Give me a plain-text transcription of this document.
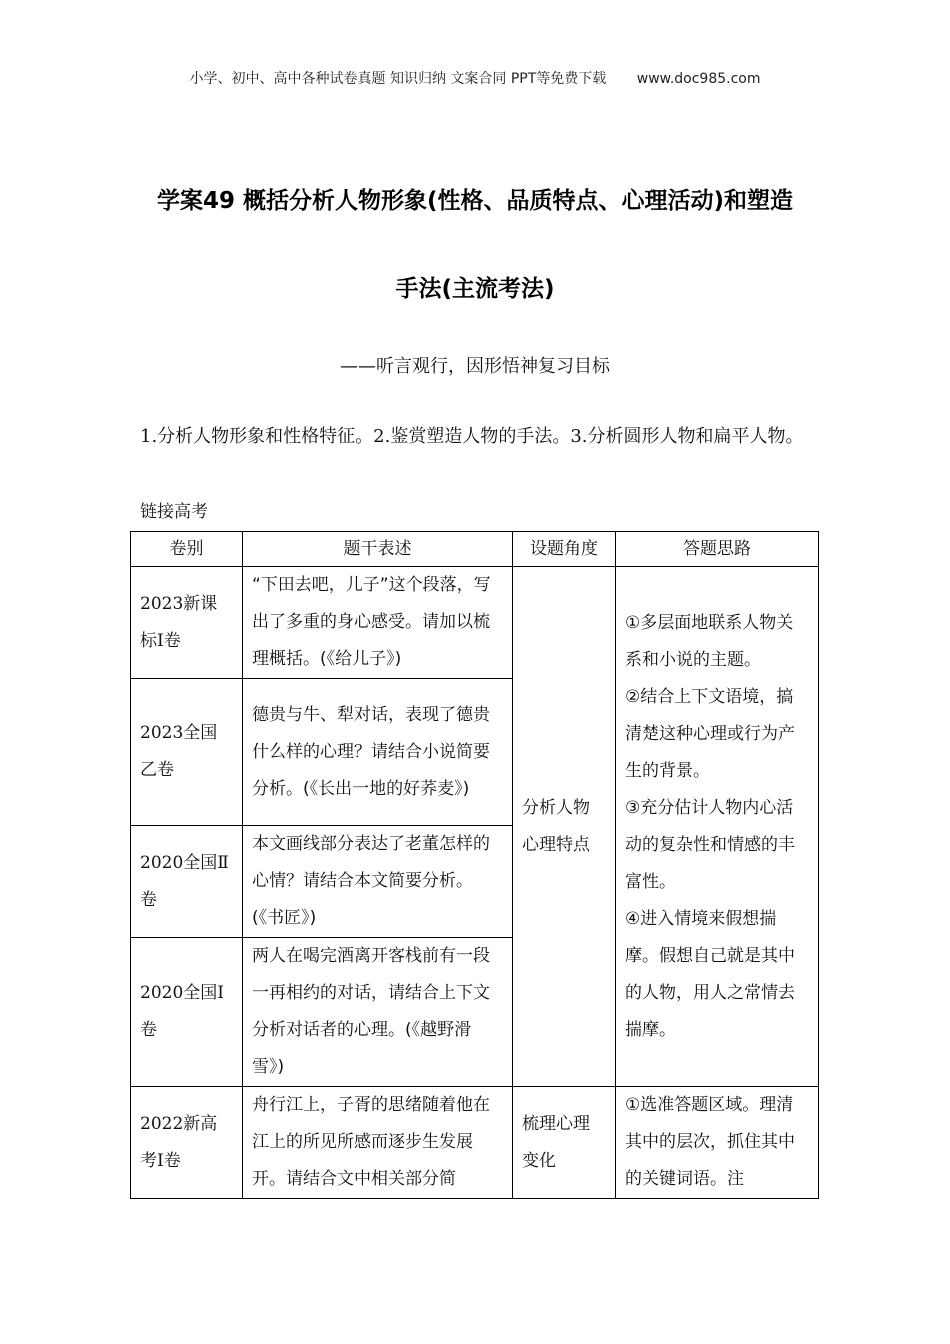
小学、初中、高中各种试卷真题 知识归纳 文案合同 PPT等免费下载 www.doc985.com
学案49 概括分析人物形象(性格、品质特点、心理活动)和塑造
手法(主流考法)
——听言观行，因形悟神复习目标
1.分析人物形象和性格特征。2.鉴赏塑造人物的手法。3.分析圆形人物和扁平人物。
链接高考
卷别	题干表述	设题角度	答题思路
2023新课标Ⅰ卷	“下田去吧，儿子”这个段落，写出了多重的身心感受。请加以梳理概括。(《给儿子》)	分析人物心理特点	①多层面地联系人物关系和小说的主题。
②结合上下文语境，搞清楚这种心理或行为产生的背景。
③充分估计人物内心活动的复杂性和情感的丰富性。
④进入情境来假想揣摩。假想自己就是其中的人物，用人之常情去揣摩。

2023全国乙卷	德贵与牛、犁对话，表现了德贵什么样的心理？请结合小说简要分析。(《长出一地的好荞麦》)		
2020全国Ⅱ卷	本文画线部分表达了老董怎样的心情？请结合本文简要分析。(《书匠》)		
2020全国Ⅰ卷	两人在喝完酒离开客栈前有一段一再相约的对话，请结合上下文分析对话者的心理。(《越野滑雪》)		
2022新高考Ⅰ卷	舟行江上，子胥的思绪随着他在江上的所见所感而逐步生发展开。请结合文中相关部分简	梳理心理变化	①选准答题区域。理清其中的层次，抓住其中的关键词语。注
